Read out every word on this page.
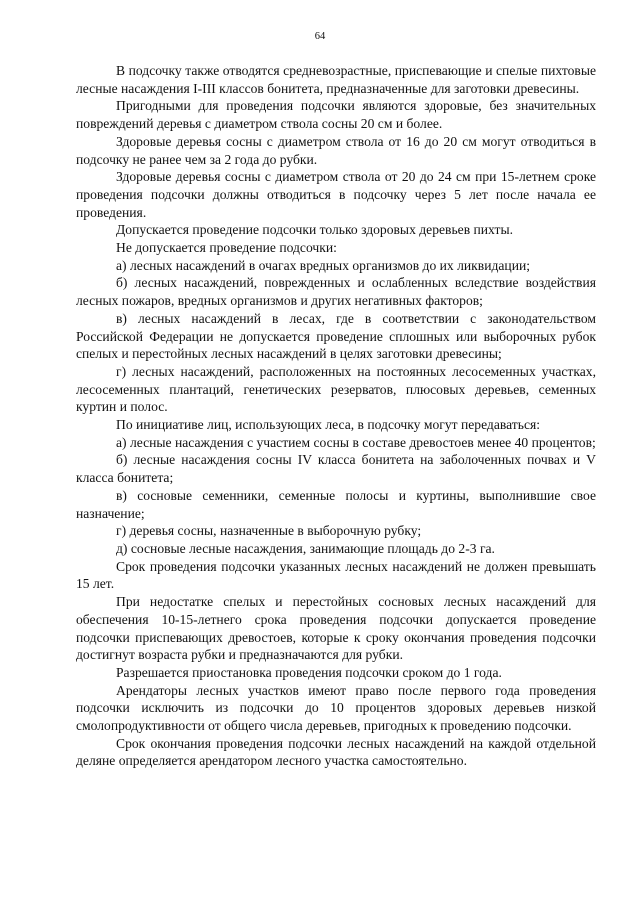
64

В подсочку также отводятся средневозрастные, приспевающие и спелые пихтовые лесные насаждения I-III классов бонитета, предназначенные для заготовки древесины.

Пригодными для проведения подсочки являются здоровые, без значительных повреждений деревья с диаметром ствола сосны 20 см и более.

Здоровые деревья сосны с диаметром ствола от 16 до 20 см могут отводиться в подсочку не ранее чем за 2 года до рубки.

Здоровые деревья сосны с диаметром ствола от 20 до 24 см при 15-летнем сроке проведения подсочки должны отводиться в подсочку через 5 лет после начала ее проведения.

Допускается проведение подсочки только здоровых деревьев пихты.

Не допускается проведение подсочки:

а) лесных насаждений в очагах вредных организмов до их ликвидации;

б) лесных насаждений, поврежденных и ослабленных вследствие воздействия лесных пожаров, вредных организмов и других негативных факторов;

в) лесных насаждений в лесах, где в соответствии с законодательством Российской Федерации не допускается проведение сплошных или выборочных рубок спелых и перестойных лесных насаждений в целях заготовки древесины;

г) лесных насаждений, расположенных на постоянных лесосеменных участках, лесосеменных плантаций, генетических резерватов, плюсовых деревьев, семенных куртин и полос.

По инициативе лиц, использующих леса, в подсочку могут передаваться:

а) лесные насаждения с участием сосны в составе древостоев менее 40 процентов;

б) лесные насаждения сосны IV класса бонитета на заболоченных почвах и V класса бонитета;

в) сосновые семенники, семенные полосы и куртины, выполнившие свое назначение;

г) деревья сосны, назначенные в выборочную рубку;

д) сосновые лесные насаждения, занимающие площадь до 2-3 га.

Срок проведения подсочки указанных лесных насаждений не должен превышать 15 лет.

При недостатке спелых и перестойных сосновых лесных насаждений для обеспечения 10-15-летнего срока проведения подсочки допускается проведение подсочки приспевающих древостоев, которые к сроку окончания проведения подсочки достигнут возраста рубки и предназначаются для рубки.

Разрешается приостановка проведения подсочки сроком до 1 года.

Арендаторы лесных участков имеют право после первого года проведения подсочки исключить из подсочки до 10 процентов здоровых деревьев низкой смолопродуктивности от общего числа деревьев, пригодных к проведению подсочки.

Срок окончания проведения подсочки лесных насаждений на каждой отдельной деляне определяется арендатором лесного участка самостоятельно.
